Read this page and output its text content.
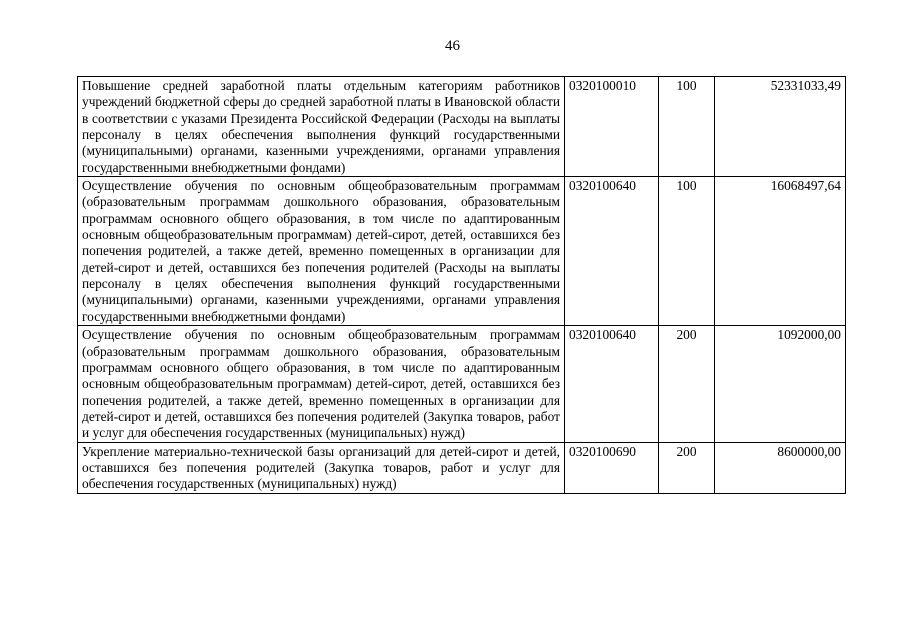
46
Повышение средней заработной платы отдельным категориям работников учреждений бюджетной сферы до средней заработной платы в Ивановской области в соответствии с указами Президента Российской Федерации (Расходы на выплаты персоналу в целях обеспечения выполнения функций государственными (муниципальными) органами, казенными учреждениями, органами управления государственными внебюджетными фондами)	0320100010	100	52331033,49
Осуществление обучения по основным общеобразовательным программам (образовательным программам дошкольного образования, образовательным программам основного общего образования, в том числе по адаптированным основным общеобразовательным программам) детей-сирот, детей, оставшихся без попечения родителей, а также детей, временно помещенных в организации для детей-сирот и детей, оставшихся без попечения родителей (Расходы на выплаты персоналу в целях обеспечения выполнения функций государственными (муниципальными) органами, казенными учреждениями, органами управления государственными внебюджетными фондами)	0320100640	100	16068497,64
Осуществление обучения по основным общеобразовательным программам (образовательным программам дошкольного образования, образовательным программам основного общего образования, в том числе по адаптированным основным общеобразовательным программам) детей-сирот, детей, оставшихся без попечения родителей, а также детей, временно помещенных в организации для детей-сирот и детей, оставшихся без попечения родителей (Закупка товаров, работ и услуг для обеспечения государственных (муниципальных) нужд)	0320100640	200	1092000,00
Укрепление материально-технической базы организаций для детей-сирот и детей, оставшихся без попечения родителей (Закупка товаров, работ и услуг для обеспечения государственных (муниципальных) нужд)	0320100690	200	8600000,00
